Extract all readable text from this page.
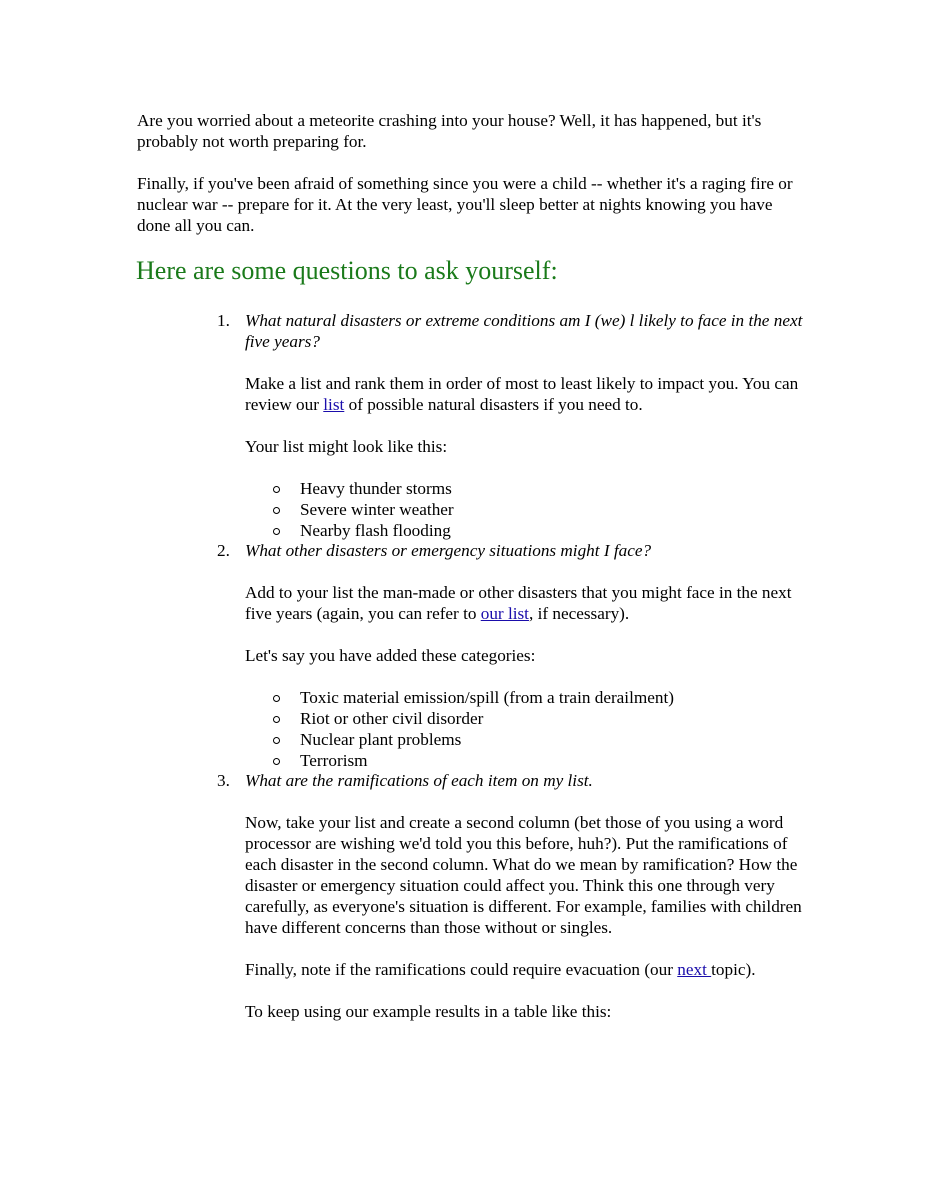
Are you worried about a meteorite crashing into your house? Well, it has happened, but it's probably not worth preparing for.

Finally, if you've been afraid of something since you were a child -- whether it's a raging fire or nuclear war -- prepare for it. At the very least, you'll sleep better at nights knowing you have done all you can.

Here are some questions to ask yourself:
1. What natural disasters or extreme conditions am I (we) l likely to face in the next five years?

Make a list and rank them in order of most to least likely to impact you. You can review our list of possible natural disasters if you need to.

Your list might look like this:

Heavy thunder storms
Severe winter weather
Nearby flash flooding
2. What other disasters or emergency situations might I face?

Add to your list the man-made or other disasters that you might face in the next five years (again, you can refer to our list, if necessary).

Let's say you have added these categories:

Toxic material emission/spill (from a train derailment)
Riot or other civil disorder
Nuclear plant problems
Terrorism
3. What are the ramifications of each item on my list.

Now, take your list and create a second column (bet those of you using a word processor are wishing we'd told you this before, huh?). Put the ramifications of each disaster in the second column. What do we mean by ramification? How the disaster or emergency situation could affect you. Think this one through very carefully, as everyone's situation is different. For example, families with children have different concerns than those without or singles.

Finally, note if the ramifications could require evacuation (our next topic).

To keep using our example results in a table like this:
